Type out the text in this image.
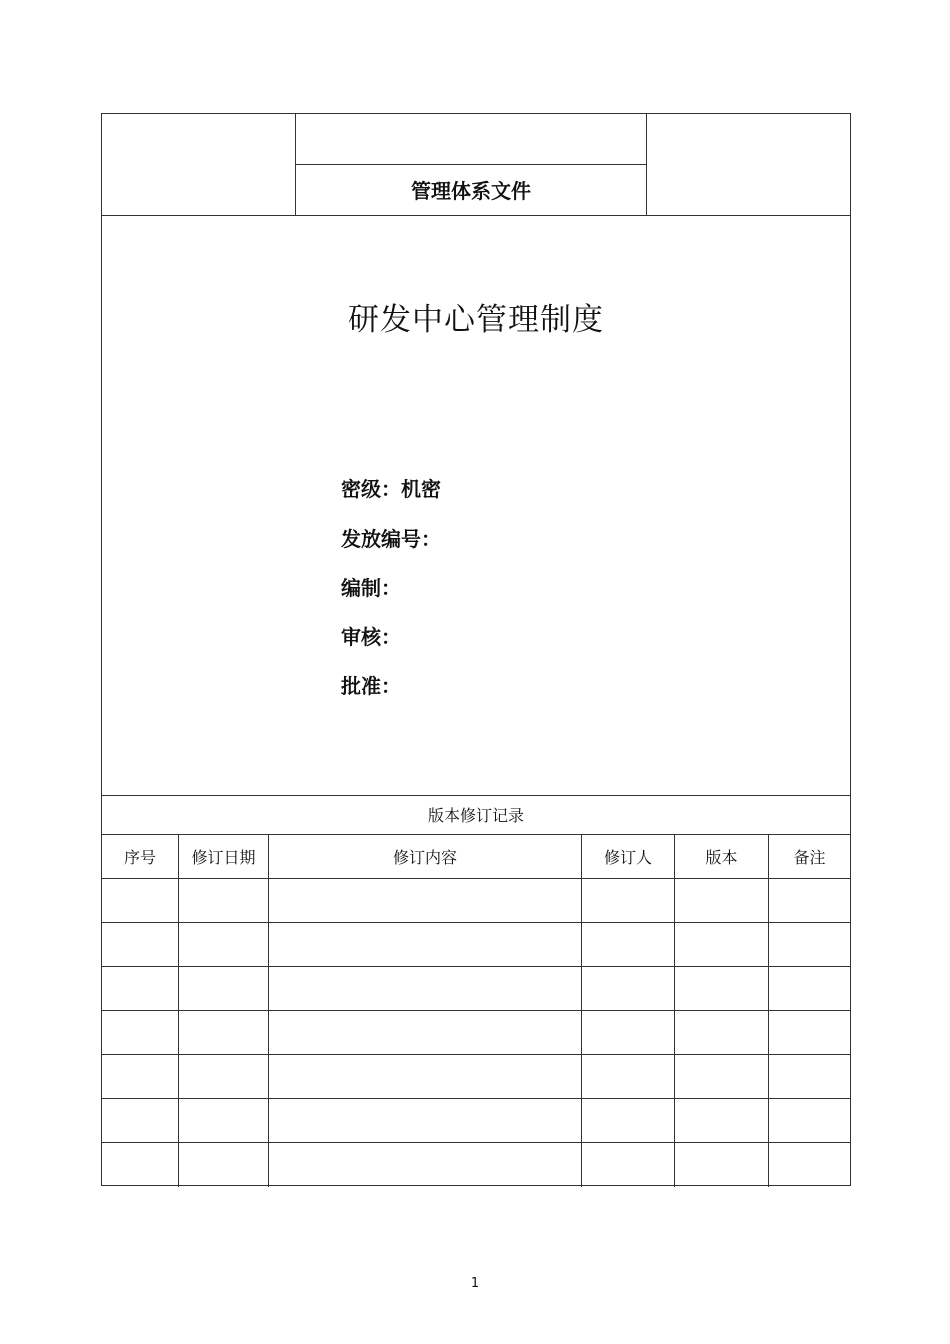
管理体系文件
研发中心管理制度
密级：机密
发放编号：
编制：
审核：
批准：
版本修订记录
序号	修订日期	修订内容	修订人	版本	备注
1
